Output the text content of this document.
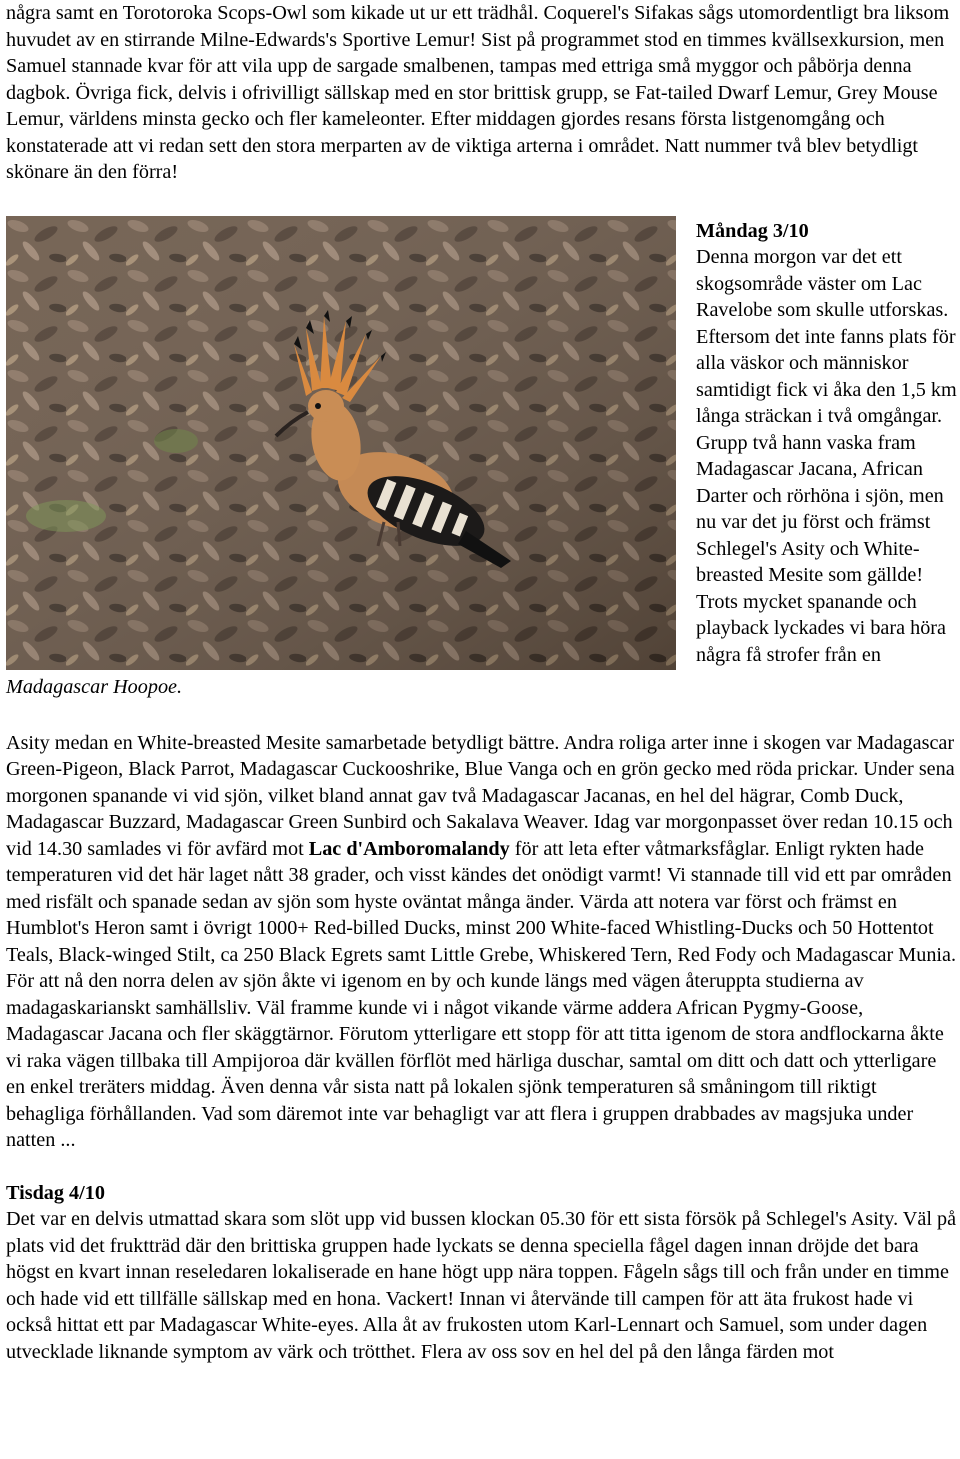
några samt en Torotoroka Scops-Owl som kikade ut ur ett trädhål. Coquerel's Sifakas sågs utomordentligt bra liksom huvudet av en stirrande Milne-Edwards's Sportive Lemur! Sist på programmet stod en timmes kvällsexkursion, men Samuel stannade kvar för att vila upp de sargade smalbenen, tampas med ettriga små myggor och påbörja denna dagbok. Övriga fick, delvis i ofrivilligt sällskap med en stor brittisk grupp, se Fat-tailed Dwarf Lemur, Grey Mouse Lemur, världens minsta gecko och fler kameleonter. Efter middagen gjordes resans första listgenomgång och konstaterade att vi redan sett den stora merparten av de viktiga arterna i området. Natt nummer två blev betydligt skönare än den förra!

Madagascar Hoopoe.
Måndag 3/10

Denna morgon var det ett skogsområde väster om Lac Ravelobe som skulle utforskas. Eftersom det inte fanns plats för alla väskor och människor samtidigt fick vi åka den 1,5 km långa sträckan i två omgångar. Grupp två hann vaska fram Madagascar Jacana, African Darter och rörhöna i sjön, men nu var det ju först och främst Schlegel's Asity och White-breasted Mesite som gällde! Trots mycket spanande och playback lyckades vi bara höra några få strofer från en

Asity medan en White-breasted Mesite samarbetade betydligt bättre. Andra roliga arter inne i skogen var Madagascar Green-Pigeon, Black Parrot, Madagascar Cuckooshrike, Blue Vanga och en grön gecko med röda prickar. Under sena morgonen spanande vi vid sjön, vilket bland annat gav två Madagascar Jacanas, en hel del hägrar, Comb Duck, Madagascar Buzzard, Madagascar Green Sunbird och Sakalava Weaver. Idag var morgonpasset över redan 10.15 och vid 14.30 samlades vi för avfärd mot Lac d'Amboromalandy för att leta efter våtmarksfåglar. Enligt rykten hade temperaturen vid det här laget nått 38 grader, och visst kändes det onödigt varmt! Vi stannade till vid ett par områden med risfält och spanade sedan av sjön som hyste oväntat många änder. Värda att notera var först och främst en Humblot's Heron samt i övrigt 1000+ Red-billed Ducks, minst 200 White-faced Whistling-Ducks och 50 Hottentot Teals, Black-winged Stilt, ca 250 Black Egrets samt Little Grebe, Whiskered Tern, Red Fody och Madagascar Munia. För att nå den norra delen av sjön åkte vi igenom en by och kunde längs med vägen återuppta studierna av madagaskarianskt samhällsliv. Väl framme kunde vi i något vikande värme addera African Pygmy-Goose, Madagascar Jacana och fler skäggtärnor. Förutom ytterligare ett stopp för att titta igenom de stora andflockarna åkte vi raka vägen tillbaka till Ampijoroa där kvällen förflöt med härliga duschar, samtal om ditt och datt och ytterligare en enkel treräters middag. Även denna vår sista natt på lokalen sjönk temperaturen så småningom till riktigt behagliga förhållanden. Vad som däremot inte var behagligt var att flera i gruppen drabbades av magsjuka under natten ...

Tisdag 4/10

Det var en delvis utmattad skara som slöt upp vid bussen klockan 05.30 för ett sista försök på Schlegel's Asity. Väl på plats vid det fruktträd där den brittiska gruppen hade lyckats se denna speciella fågel dagen innan dröjde det bara högst en kvart innan reseledaren lokaliserade en hane högt upp nära toppen. Fågeln sågs till och från under en timme och hade vid ett tillfälle sällskap med en hona. Vackert! Innan vi återvände till campen för att äta frukost hade vi också hittat ett par Madagascar White-eyes. Alla åt av frukosten utom Karl-Lennart och Samuel, som under dagen utvecklade liknande symptom av värk och trötthet. Flera av oss sov en hel del på den långa färden mot
